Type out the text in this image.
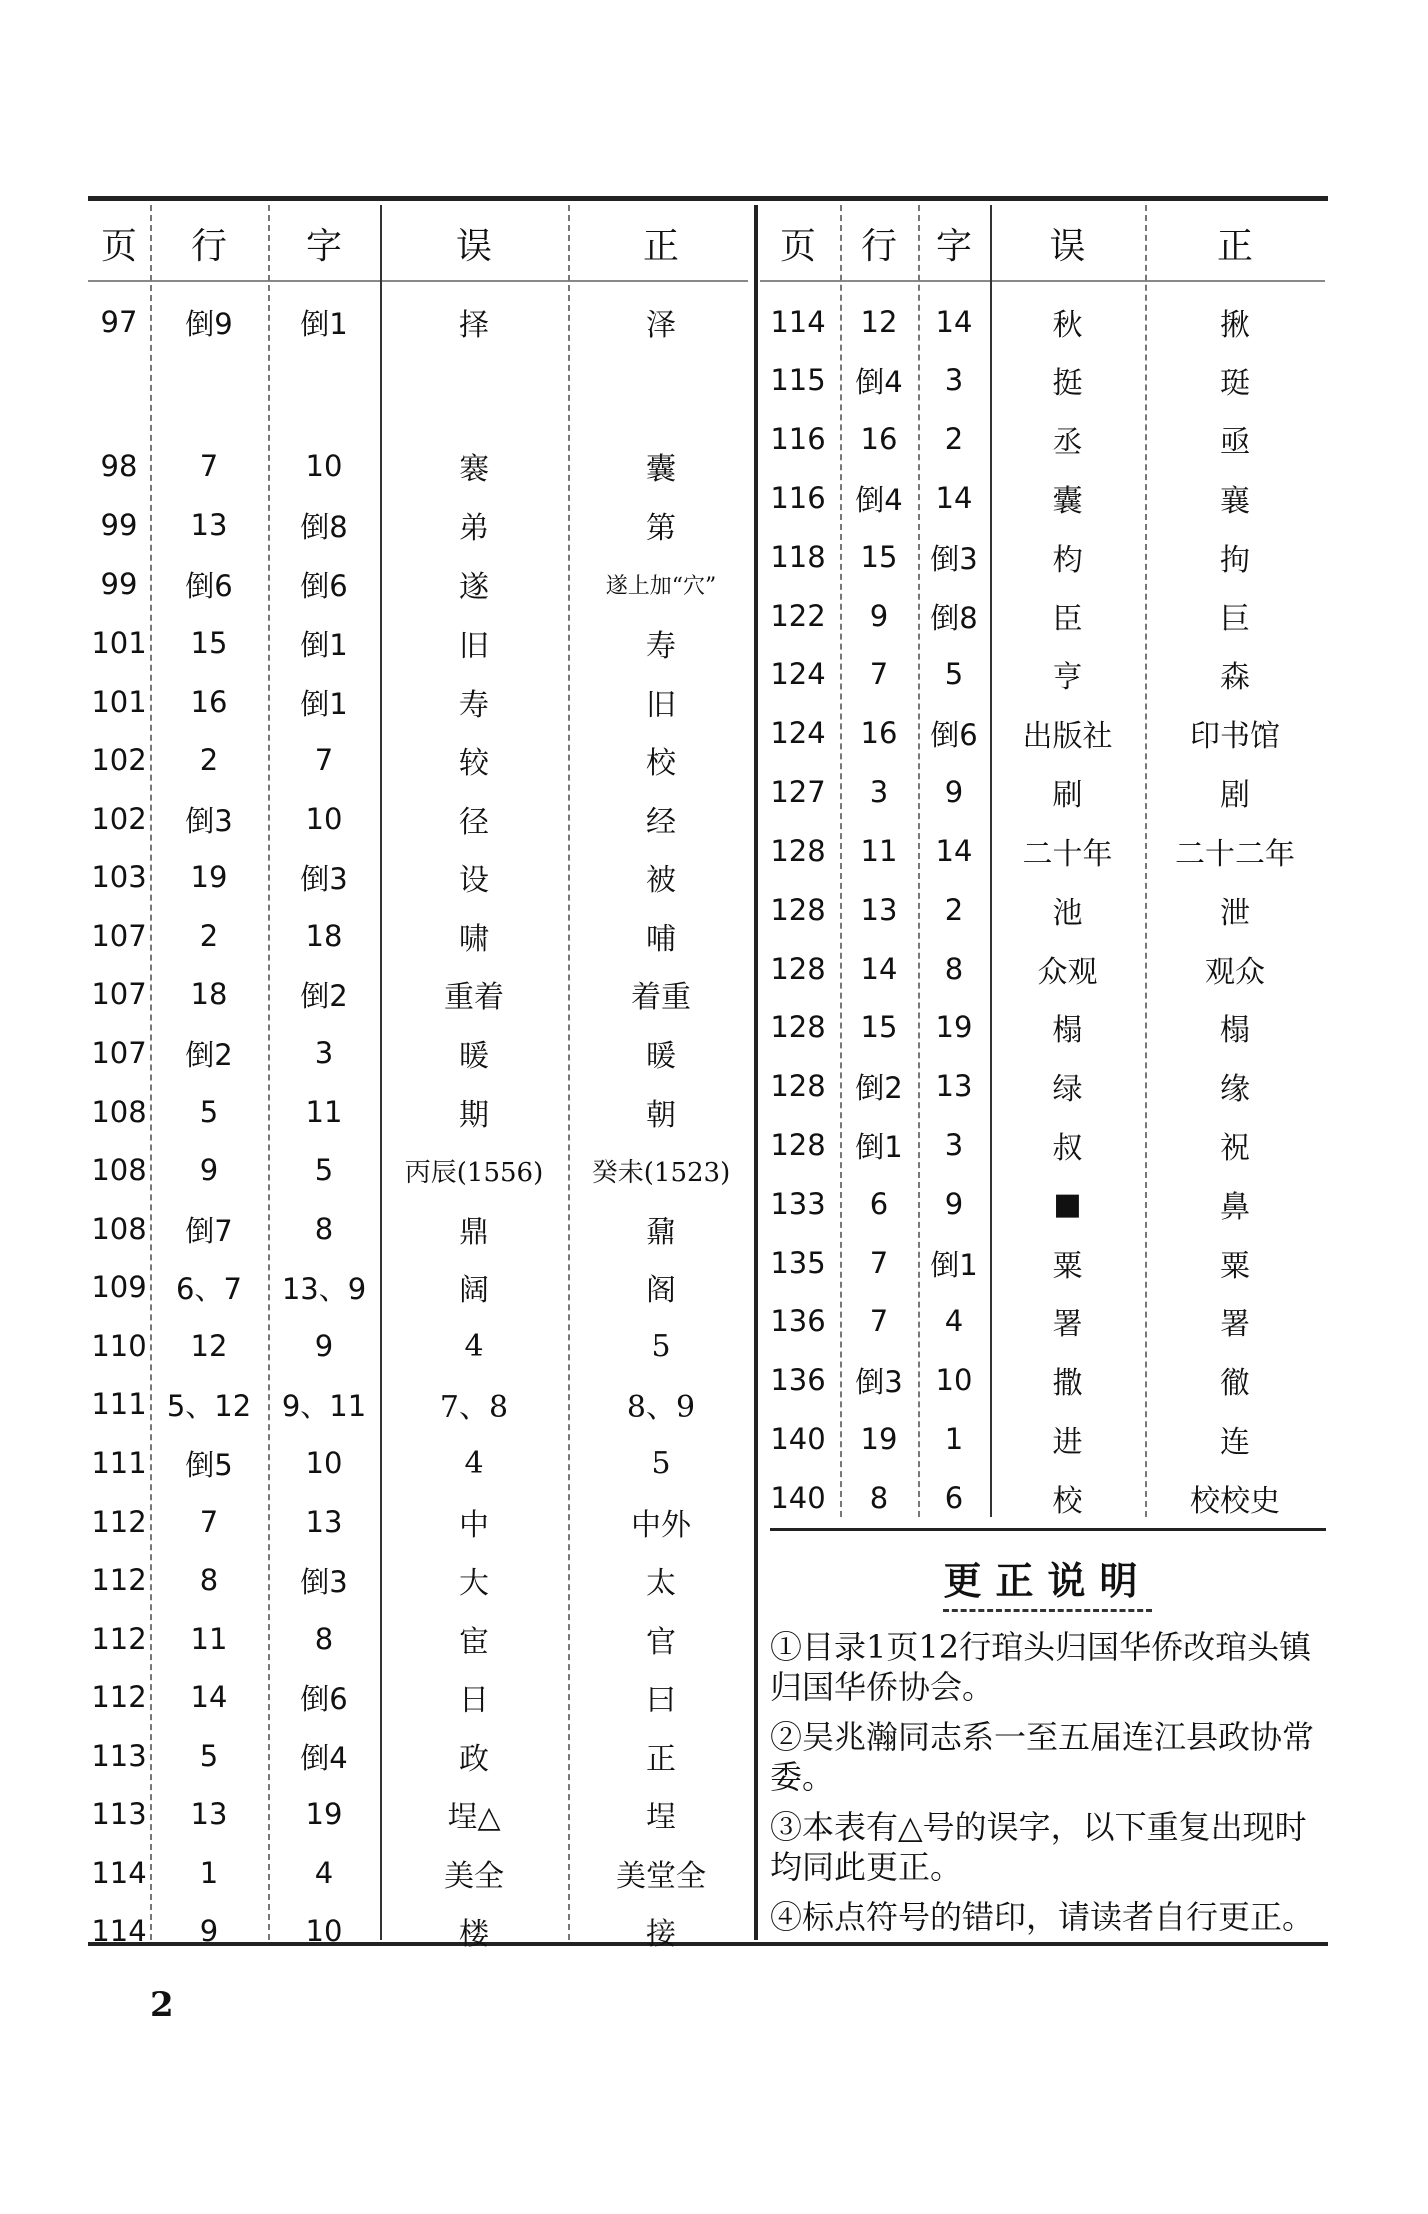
页	行	字	误	正	页	行	字	误	正
97	倒9	倒1	择	泽
98	7	10	褰	囊
99	13	倒8	弟	第
99	倒6	倒6	遂	遂上加“穴”
101	15	倒1	旧	寿
101	16	倒1	寿	旧
102	2	7	较	校
102	倒3	10	径	经
103	19	倒3	设	被
107	2	18	啸	哺
107	18	倒2	重着	着重
107	倒2	3	暖	暖
108	5	11	期	朝
108	9	5	丙辰(1556)	癸未(1523)
108	倒7	8	鼎	鼐
109	6、7	13、9	阔	阁
110	12	9	4	5
111 5、12	9、11	7、8	8、9
111	倒5	10	4	5
112	7	13	中	中外
112	8	倒3	大	太
112	11	8	宦	官
112	14	倒6	日	曰
113	5	倒4	政	正
113	13	19	埕△	埕
114	1	4	美全	美堂全
114	9	10	楼	接
114	12	14	秋	揪
115	倒4	3	挺	珽
116	16	2	丞	亟
116	倒4	14	囊	襄
118	15	倒3	枃	拘
122	9	倒8	臣	巨
124	7	5	亨	森
124	16	倒6	出版社	印书馆
127	3	9	刷	剧
128	11	14	二十年	二十二年
128	13	2	池	泄
128	14	8	众观	观众
128	15	19	榻	榻
128	倒2	13	绿	缘
128	倒1	3	叔	祝
133	6	9	■	鼻
135	7	倒1	粟	粟
136	7	4	署	署
136	倒3	10	撒	徹
140	19	1	进	连
140	8	6	校	校校史
更正说明
①目录1页12行琯头归国华侨改琯头镇归国华侨协会。
②吴兆瀚同志系一至五届连江县政协常委。
③本表有△号的误字，以下重复出现时均同此更正。
④标点符号的错印，请读者自行更正。
2
